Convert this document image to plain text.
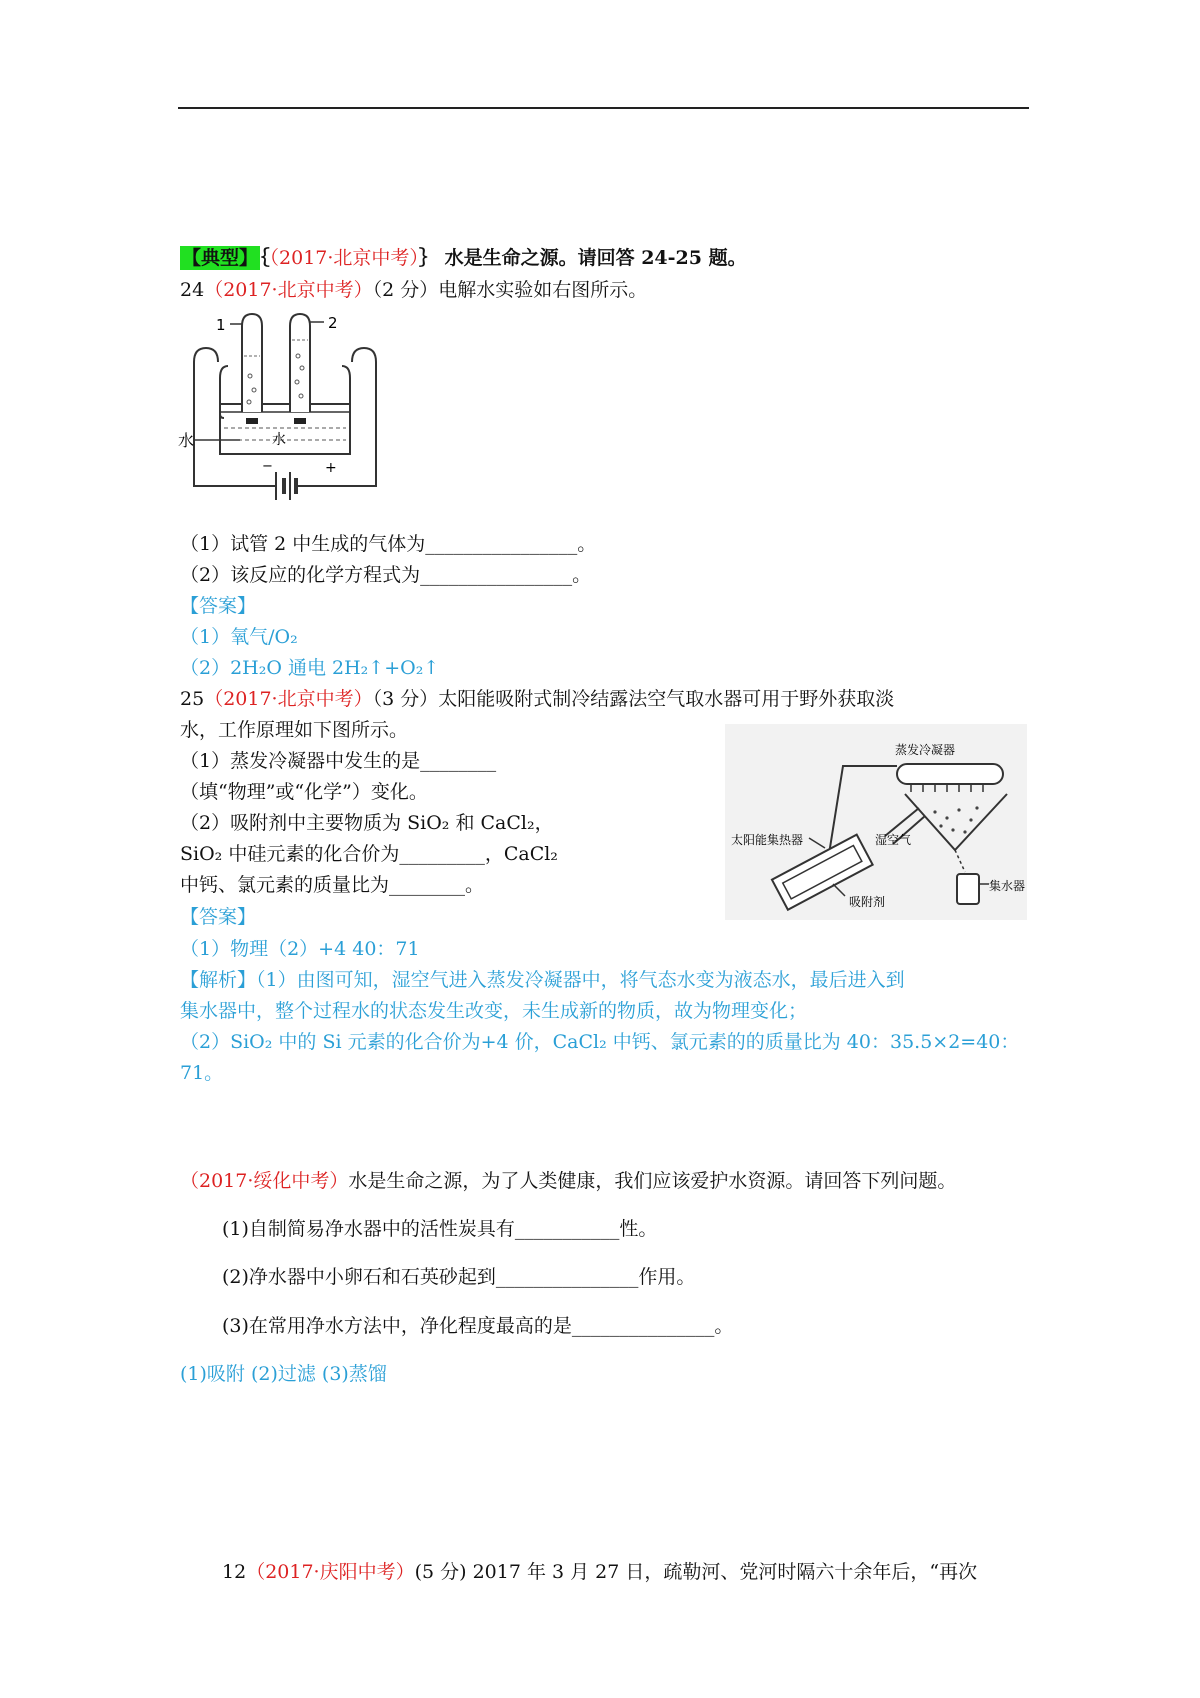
【典型】 ｛（2017·北京中考）｝ 水是生命之源。请回答 24-25 题。
24（2017·北京中考）（2 分）电解水实验如右图所示。
−	+
1	2
水	水
（1）试管 2 中生成的气体为________________。
（2）该反应的化学方程式为________________。
【答案】
（1）氧气/O₂
（2）2H₂O 通电 2H₂↑+O₂↑
25（2017·北京中考）（3 分）太阳能吸附式制冷结露法空气取水器可用于野外获取淡
水，工作原理如下图所示。
（1）蒸发冷凝器中发生的是________
（填“物理”或“化学”）变化。
（2）吸附剂中主要物质为 SiO₂ 和 CaCl₂，
SiO₂ 中硅元素的化合价为_________，CaCl₂
中钙、氯元素的质量比为________。
蒸发冷凝器
集水器
湿空气
太阳能集热器
吸附剂
【答案】
（1）物理（2）+4 40：71
【解析】（1）由图可知，湿空气进入蒸发冷凝器中，将气态水变为液态水，最后进入到
集水器中，整个过程水的状态发生改变，未生成新的物质，故为物理变化；
（2）SiO₂ 中的 Si 元素的化合价为+4 价，CaCl₂ 中钙、氯元素的的质量比为 40：35.5×2=40：
71。
（2017·绥化中考）水是生命之源，为了人类健康，我们应该爱护水资源。请回答下列问题。
(1)自制简易净水器中的活性炭具有___________性。
(2)净水器中小卵石和石英砂起到_______________作用。
(3)在常用净水方法中，净化程度最高的是_______________。
(1)吸附 (2)过滤 (3)蒸馏
12（2017·庆阳中考）(5 分) 2017 年 3 月 27 日，疏勒河、党河时隔六十余年后，“再次
